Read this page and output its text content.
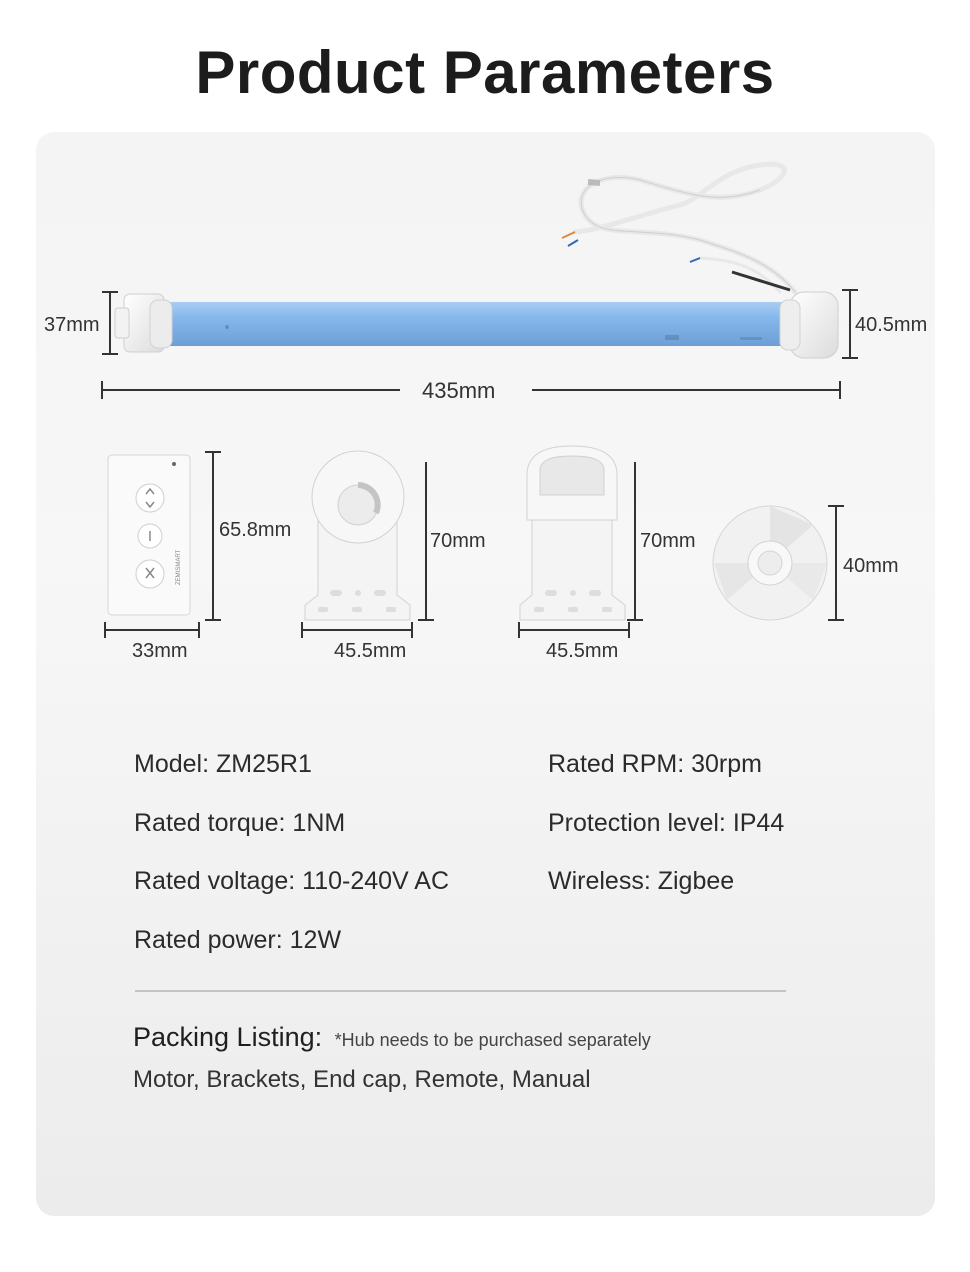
Product Parameters
ZEMISMART
37mm	40.5mm
435mm
65.8mm
33mm
70mm
45.5mm
70mm
45.5mm
40mm
Model: ZM25R1
Rated torque: 1NM
Rated voltage: 110-240V AC
Rated power: 12W
Rated RPM: 30rpm
Protection level: IP44
Wireless: Zigbee
Packing Listing: *Hub needs to be purchased separately
Motor, Brackets, End cap, Remote, Manual
